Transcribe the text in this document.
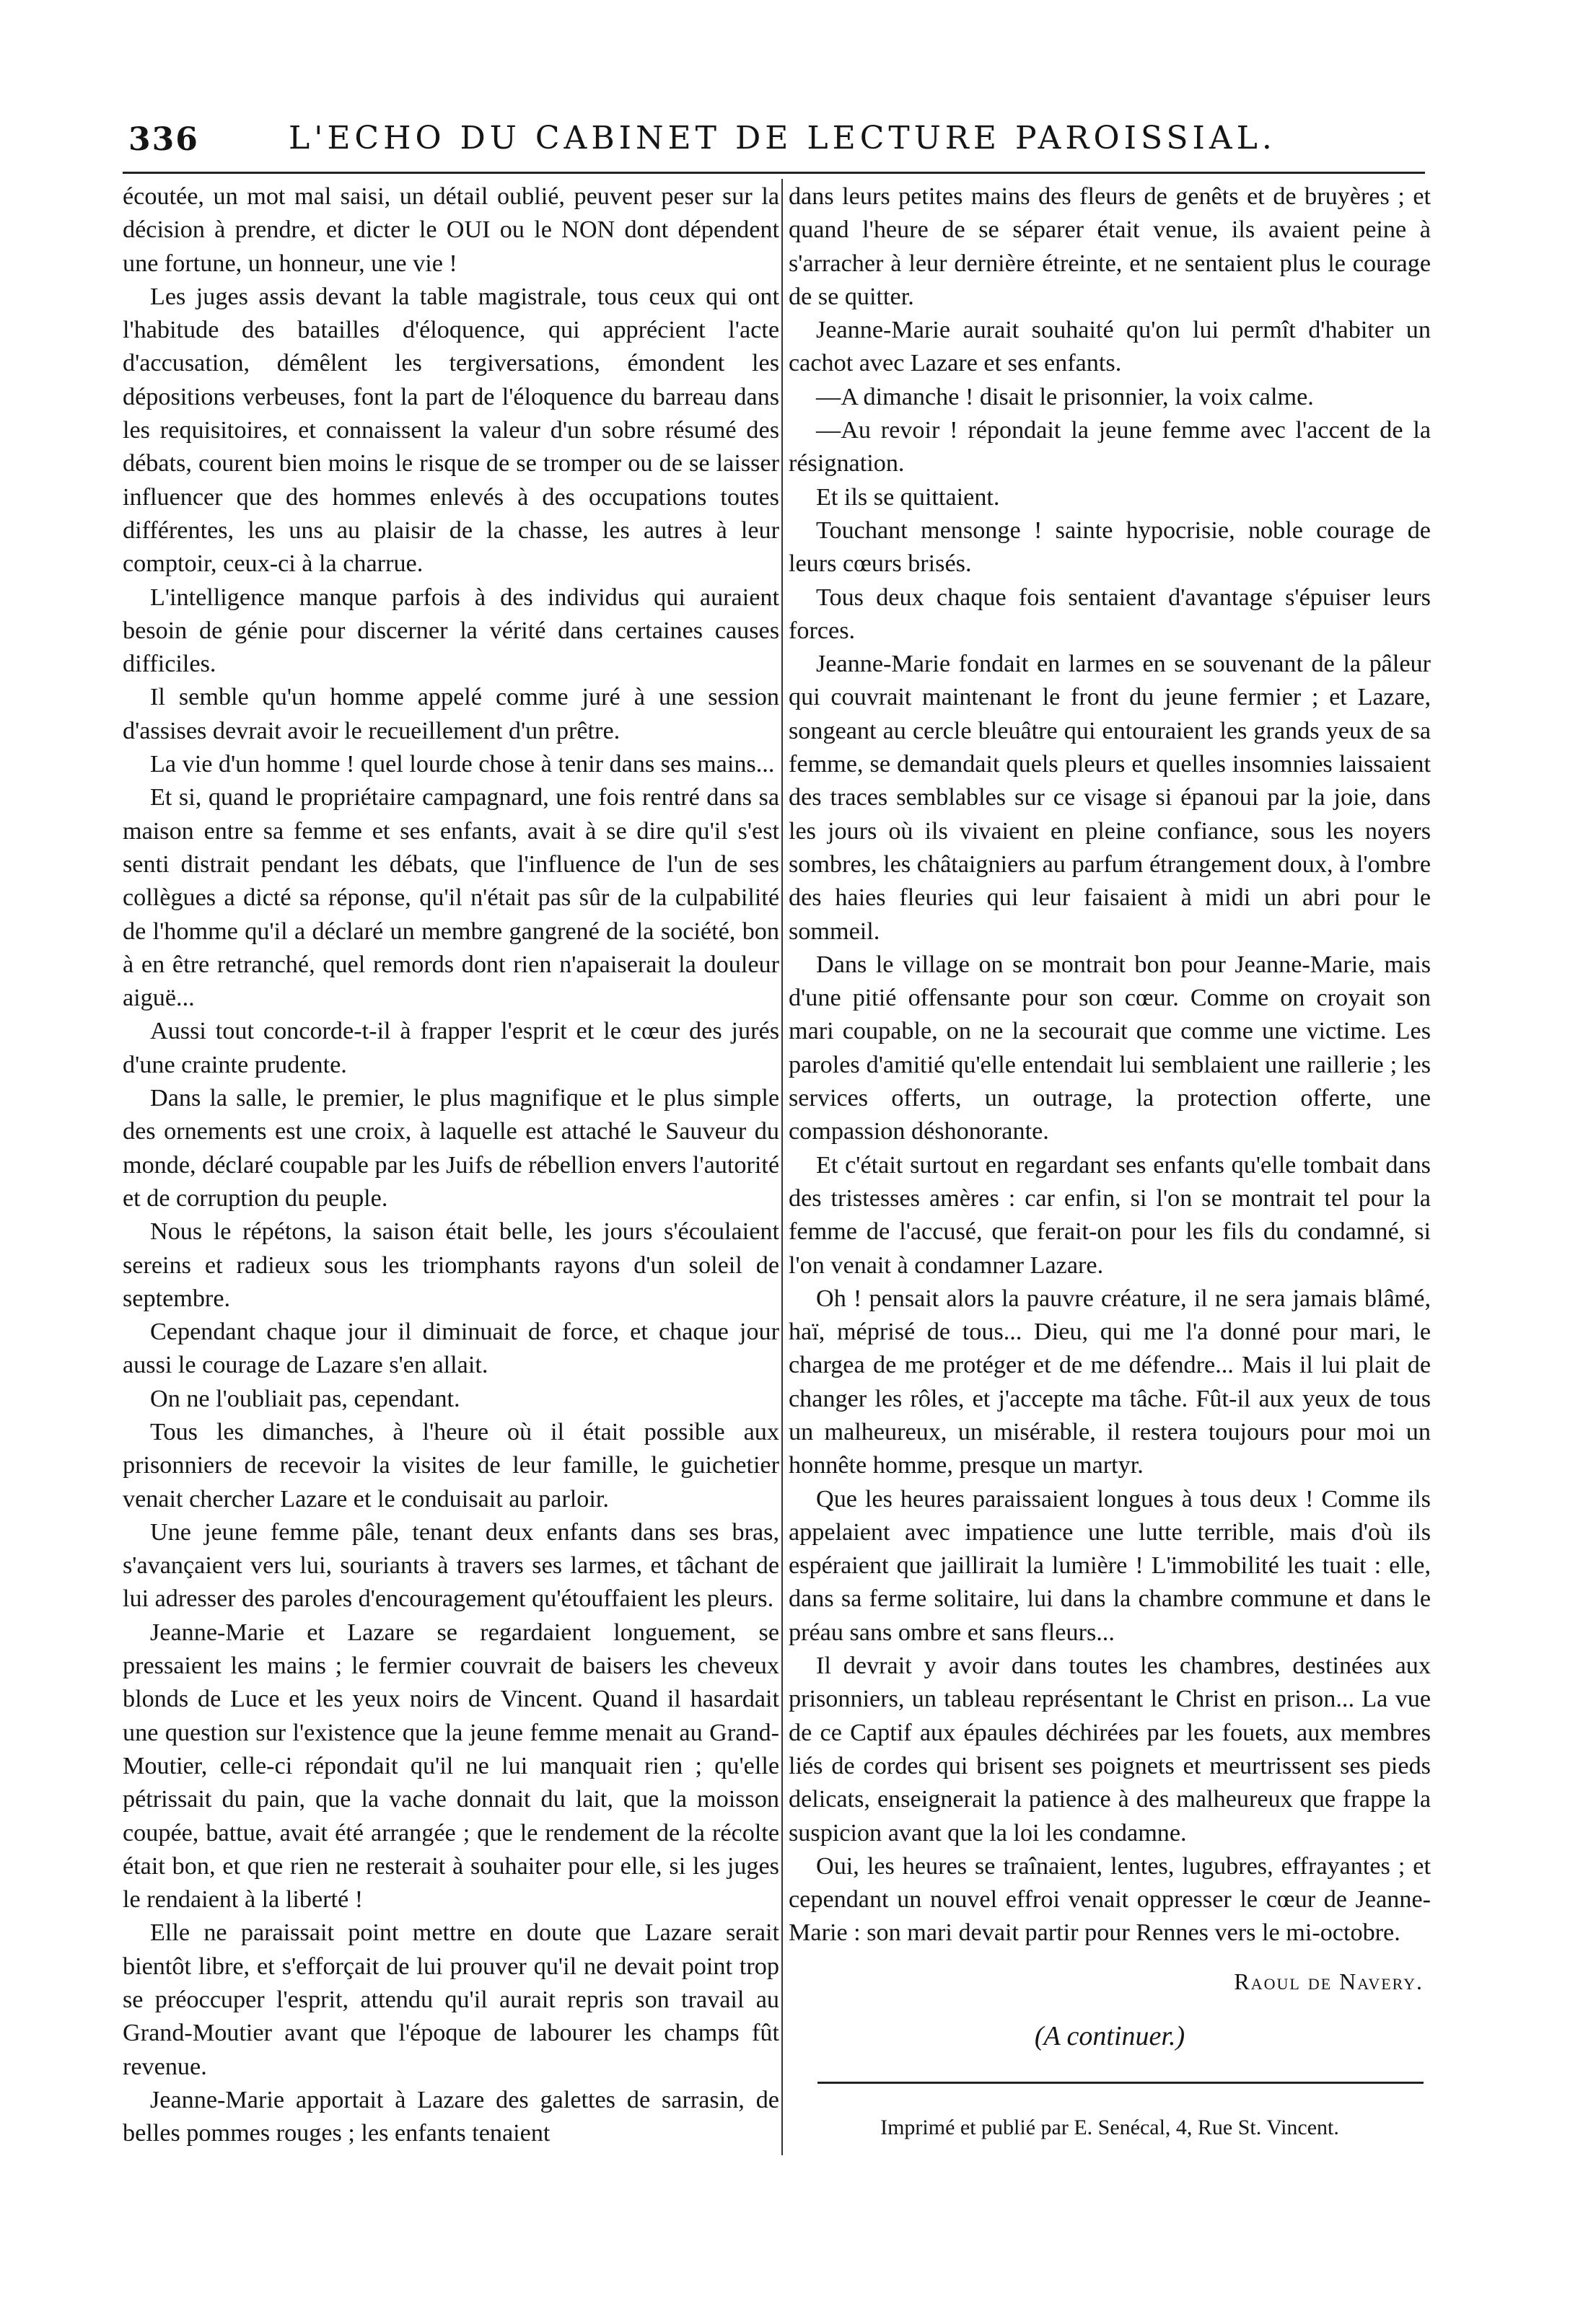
336	L'ECHO DU CABINET DE LECTURE PAROISSIAL.

écoutée, un mot mal saisi, un détail oublié, peuvent peser sur la décision à prendre, et dicter le OUI ou le NON dont dépendent une fortune, un honneur, une vie !

Les juges assis devant la table magistrale, tous ceux qui ont l'habitude des batailles d'éloquence, qui apprécient l'acte d'accusation, démêlent les tergiversations, émondent les dépositions verbeuses, font la part de l'éloquence du barreau dans les requisitoires, et connaissent la valeur d'un sobre résumé des débats, courent bien moins le risque de se tromper ou de se laisser influencer que des hommes enlevés à des occupations toutes différentes, les uns au plaisir de la chasse, les autres à leur comptoir, ceux-ci à la charrue.

L'intelligence manque parfois à des individus qui auraient besoin de génie pour discerner la vérité dans certaines causes difficiles.

Il semble qu'un homme appelé comme juré à une session d'assises devrait avoir le recueillement d'un prêtre.

La vie d'un homme ! quel lourde chose à tenir dans ses mains...

Et si, quand le propriétaire campagnard, une fois rentré dans sa maison entre sa femme et ses enfants, avait à se dire qu'il s'est senti distrait pendant les débats, que l'influence de l'un de ses collègues a dicté sa réponse, qu'il n'était pas sûr de la culpabilité de l'homme qu'il a déclaré un membre gangrené de la société, bon à en être retranché, quel remords dont rien n'apaiserait la douleur aiguë...

Aussi tout concorde-t-il à frapper l'esprit et le cœur des jurés d'une crainte prudente.

Dans la salle, le premier, le plus magnifique et le plus simple des ornements est une croix, à laquelle est attaché le Sauveur du monde, déclaré coupable par les Juifs de rébellion envers l'autorité et de corruption du peuple.

Nous le répétons, la saison était belle, les jours s'écoulaient sereins et radieux sous les triomphants rayons d'un soleil de septembre.

Cependant chaque jour il diminuait de force, et chaque jour aussi le courage de Lazare s'en allait.

On ne l'oubliait pas, cependant.

Tous les dimanches, à l'heure où il était possible aux prisonniers de recevoir la visites de leur famille, le guichetier venait chercher Lazare et le conduisait au parloir.

Une jeune femme pâle, tenant deux enfants dans ses bras, s'avançaient vers lui, souriants à travers ses larmes, et tâchant de lui adresser des paroles d'encouragement qu'étouffaient les pleurs.

Jeanne-Marie et Lazare se regardaient longuement, se pressaient les mains ; le fermier couvrait de baisers les cheveux blonds de Luce et les yeux noirs de Vincent. Quand il hasardait une question sur l'existence que la jeune femme menait au Grand-Moutier, celle-ci répondait qu'il ne lui manquait rien ; qu'elle pétrissait du pain, que la vache donnait du lait, que la moisson coupée, battue, avait été arrangée ; que le rendement de la récolte était bon, et que rien ne resterait à souhaiter pour elle, si les juges le rendaient à la liberté !

Elle ne paraissait point mettre en doute que Lazare serait bientôt libre, et s'efforçait de lui prouver qu'il ne devait point trop se préoccuper l'esprit, attendu qu'il aurait repris son travail au Grand-Moutier avant que l'époque de labourer les champs fût revenue.

Jeanne-Marie apportait à Lazare des galettes de sarrasin, de belles pommes rouges ; les enfants tenaient

dans leurs petites mains des fleurs de genêts et de bruyères ; et quand l'heure de se séparer était venue, ils avaient peine à s'arracher à leur dernière étreinte, et ne sentaient plus le courage de se quitter.

Jeanne-Marie aurait souhaité qu'on lui permît d'habiter un cachot avec Lazare et ses enfants.

—A dimanche ! disait le prisonnier, la voix calme.

—Au revoir ! répondait la jeune femme avec l'accent de la résignation.

Et ils se quittaient.

Touchant mensonge ! sainte hypocrisie, noble courage de leurs cœurs brisés.

Tous deux chaque fois sentaient d'avantage s'épuiser leurs forces.

Jeanne-Marie fondait en larmes en se souvenant de la pâleur qui couvrait maintenant le front du jeune fermier ; et Lazare, songeant au cercle bleuâtre qui entouraient les grands yeux de sa femme, se demandait quels pleurs et quelles insomnies laissaient des traces semblables sur ce visage si épanoui par la joie, dans les jours où ils vivaient en pleine confiance, sous les noyers sombres, les châtaigniers au parfum étrangement doux, à l'ombre des haies fleuries qui leur faisaient à midi un abri pour le sommeil.

Dans le village on se montrait bon pour Jeanne-Marie, mais d'une pitié offensante pour son cœur. Comme on croyait son mari coupable, on ne la secourait que comme une victime. Les paroles d'amitié qu'elle entendait lui semblaient une raillerie ; les services offerts, un outrage, la protection offerte, une compassion déshonorante.

Et c'était surtout en regardant ses enfants qu'elle tombait dans des tristesses amères : car enfin, si l'on se montrait tel pour la femme de l'accusé, que ferait-on pour les fils du condamné, si l'on venait à condamner Lazare.

Oh ! pensait alors la pauvre créature, il ne sera jamais blâmé, haï, méprisé de tous... Dieu, qui me l'a donné pour mari, le chargea de me protéger et de me défendre... Mais il lui plait de changer les rôles, et j'accepte ma tâche. Fût-il aux yeux de tous un malheureux, un misérable, il restera toujours pour moi un honnête homme, presque un martyr.

Que les heures paraissaient longues à tous deux ! Comme ils appelaient avec impatience une lutte terrible, mais d'où ils espéraient que jaillirait la lumière ! L'immobilité les tuait : elle, dans sa ferme solitaire, lui dans la chambre commune et dans le préau sans ombre et sans fleurs...

Il devrait y avoir dans toutes les chambres, destinées aux prisonniers, un tableau représentant le Christ en prison... La vue de ce Captif aux épaules déchirées par les fouets, aux membres liés de cordes qui brisent ses poignets et meurtrissent ses pieds delicats, enseignerait la patience à des malheureux que frappe la suspicion avant que la loi les condamne.

Oui, les heures se traînaient, lentes, lugubres, effrayantes ; et cependant un nouvel effroi venait oppresser le cœur de Jeanne-Marie : son mari devait partir pour Rennes vers le mi-octobre.

Raoul de Navery.
(A continuer.)
Imprimé et publié par E. Senécal, 4, Rue St. Vincent.
